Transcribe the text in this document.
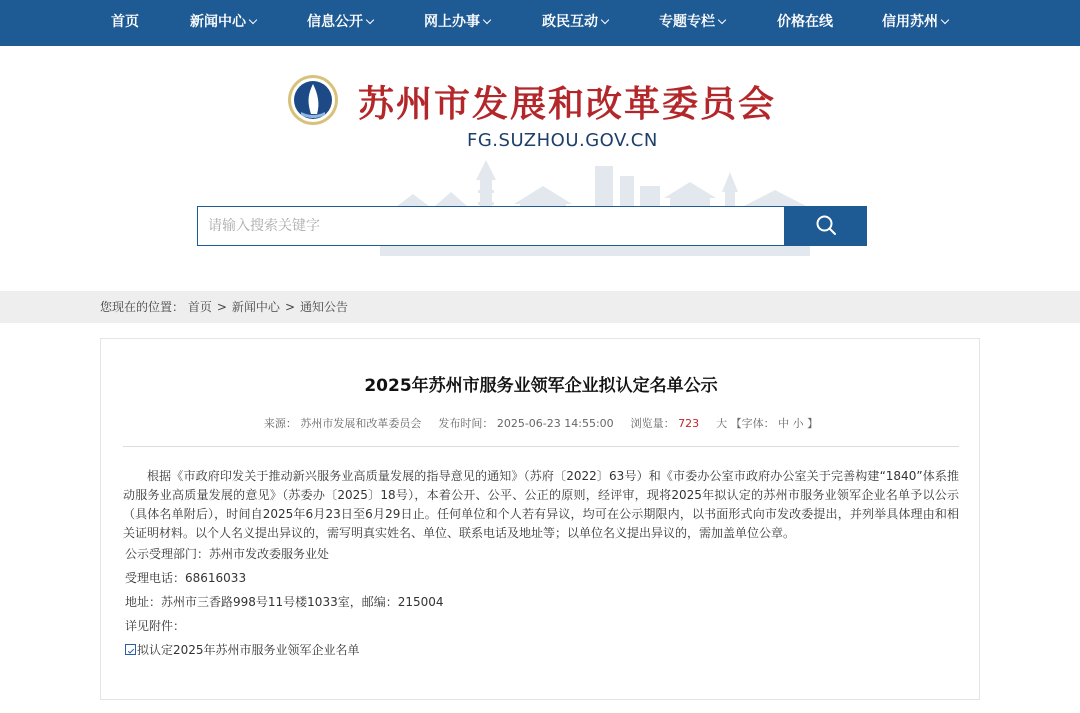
首页	新闻中心	信息公开	网上办事	政民互动	专题专栏	价格在线	信用苏州
苏州市发展和改革委员会
FG.SUZHOU.GOV.CN
请输入搜索关键字
您现在的位置： 首页 > 新闻中心 > 通知公告
2025年苏州市服务业领军企业拟认定名单公示
来源： 苏州市发展和改革委员会 发布时间： 2025-06-23 14:55:00 浏览量： 723 大 【字体： 中 小 】

根据《市政府印发关于推动新兴服务业高质量发展的指导意见的通知》（苏府〔2022〕63号）和《市委办公室市政府办公室关于完善构建“1840”体系推动服务业高质量发展的意见》（苏委办〔2025〕18号），本着公开、公平、公正的原则，经评审，现将2025年拟认定的苏州市服务业领军企业名单予以公示（具体名单附后），时间自2025年6月23日至6月29日止。任何单位和个人若有异议，均可在公示期限内，以书面形式向市发改委提出，并列举具体理由和相关证明材料。以个人名义提出异议的，需写明真实姓名、单位、联系电话及地址等；以单位名义提出异议的，需加盖单位公章。

公示受理部门：苏州市发改委服务业处
受理电话：68616033
地址：苏州市三香路998号11号楼1033室，邮编：215004
详见附件：
拟认定2025年苏州市服务业领军企业名单
